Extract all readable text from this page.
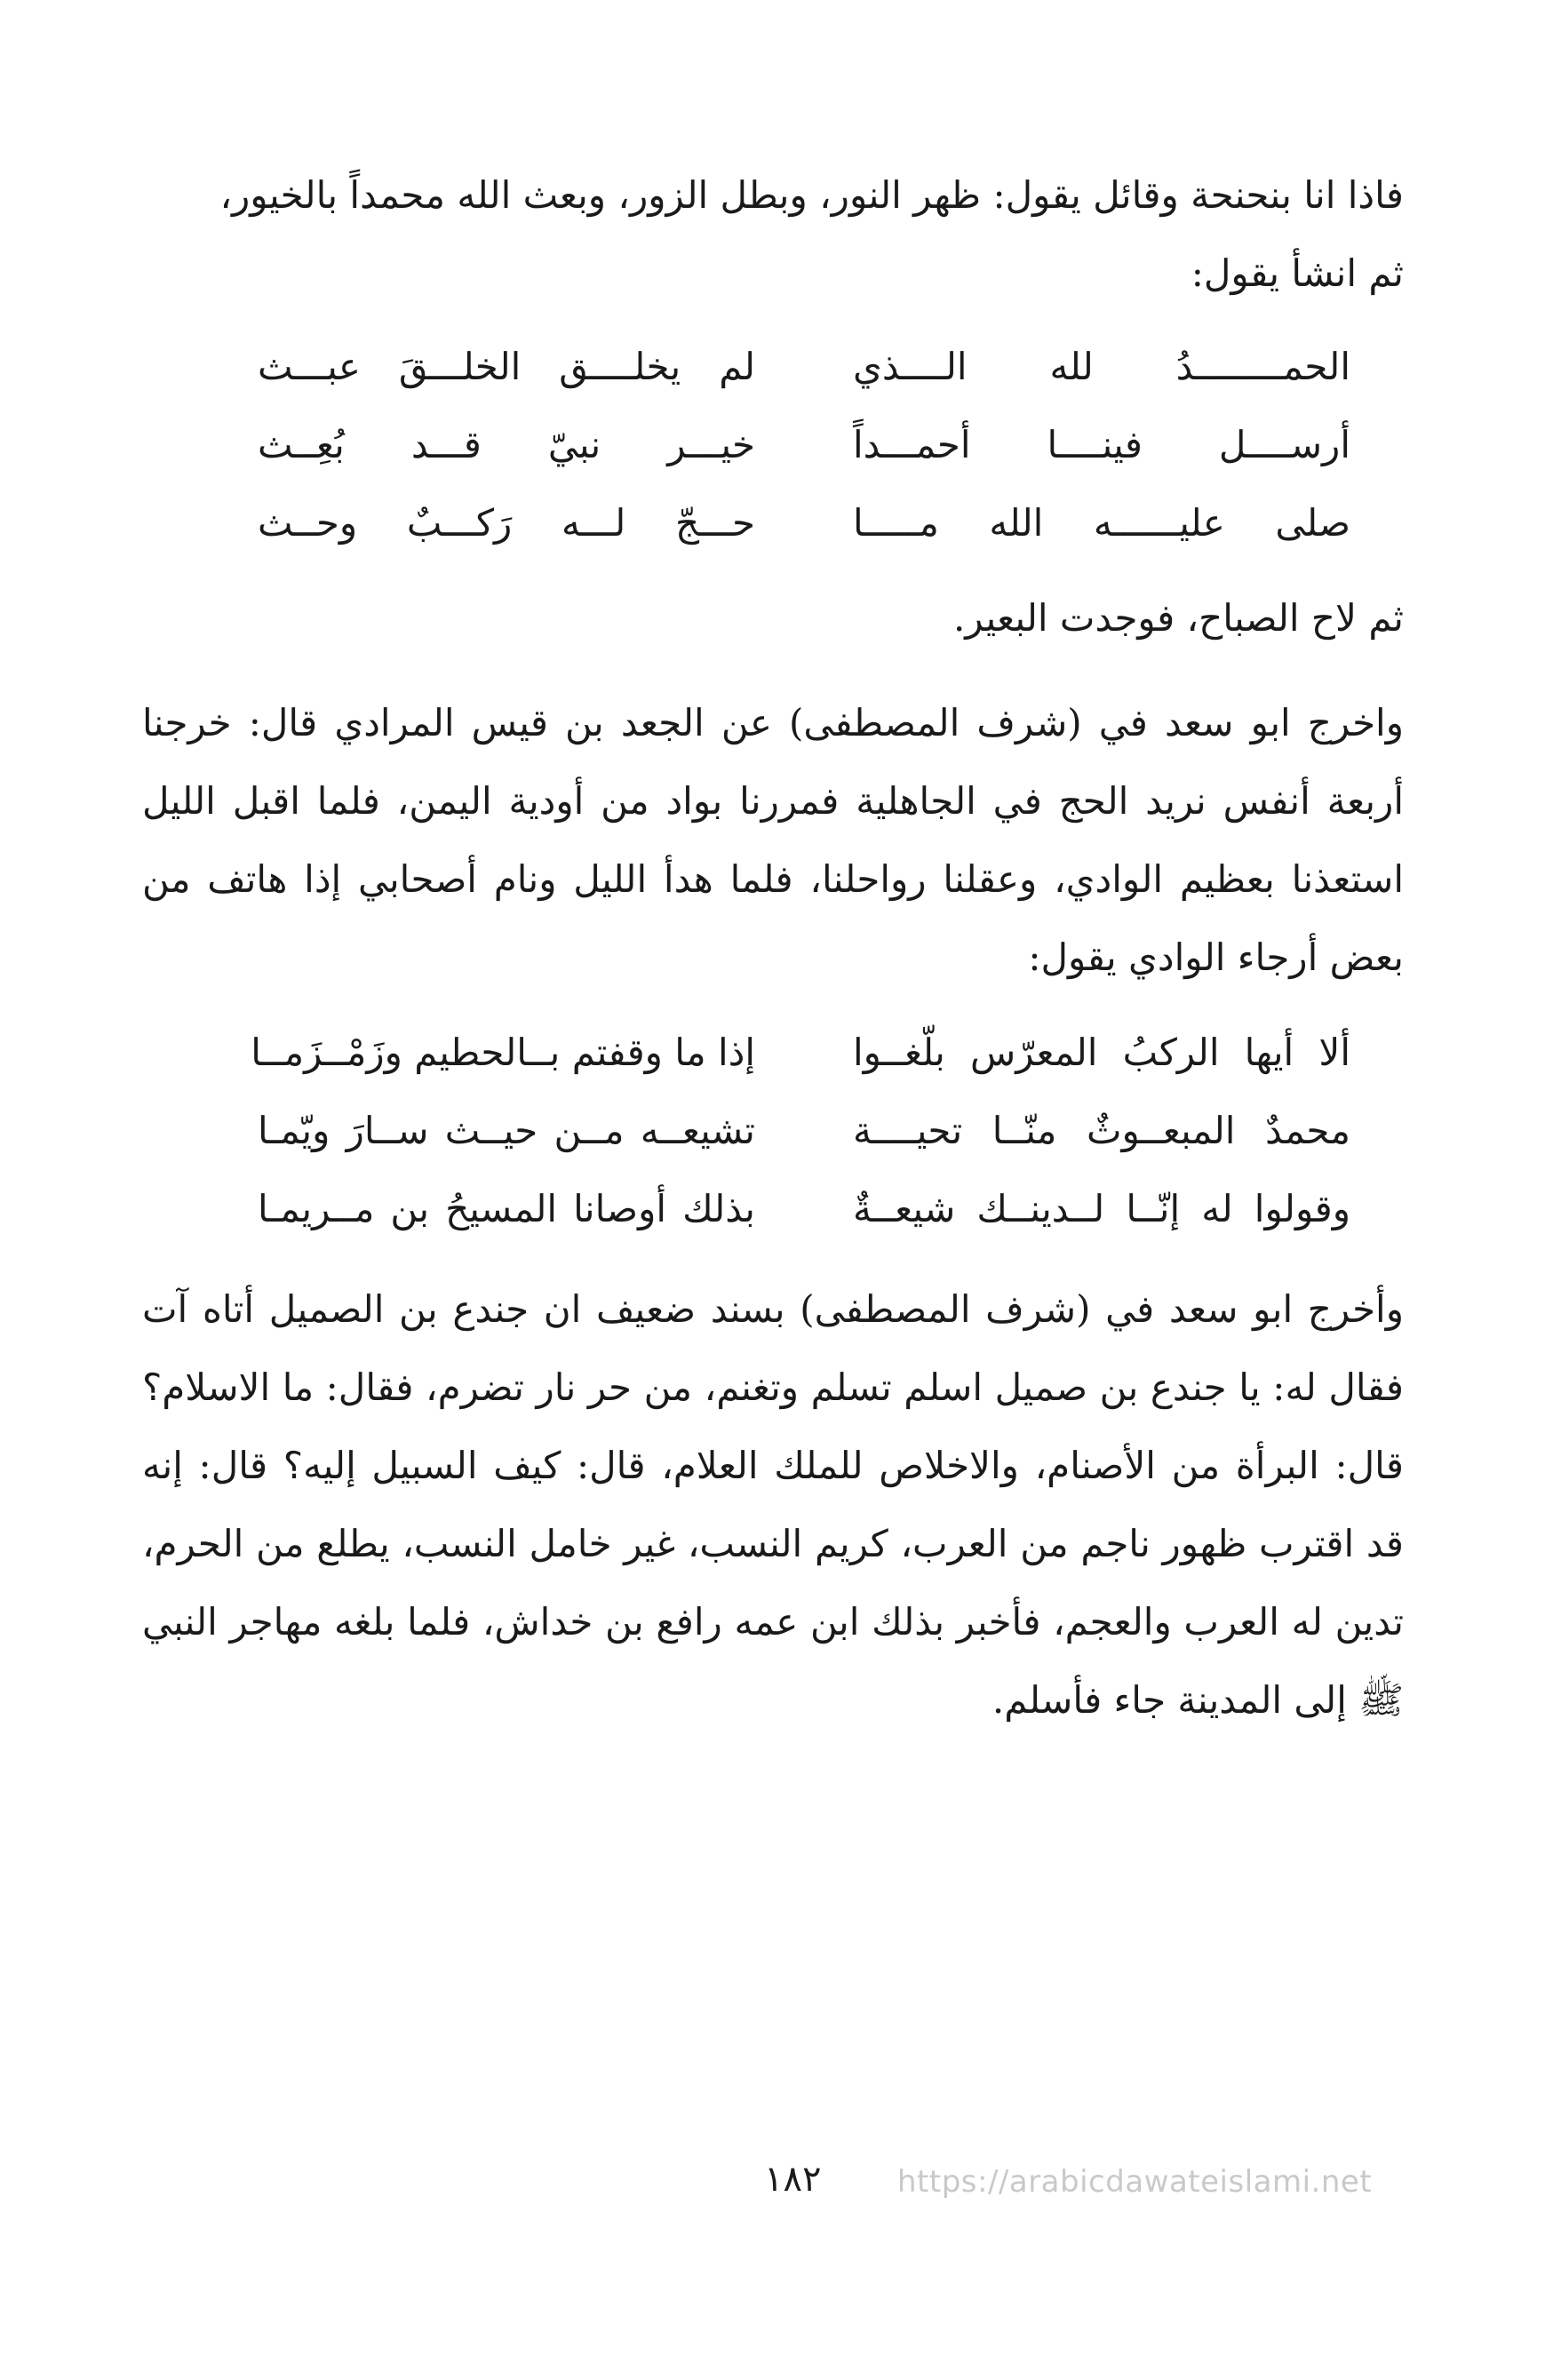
فاذا انا بنحنحة وقائل يقول: ظهر النور، وبطل الزور، وبعث الله محمداً بالخيور،

ثم انشأ يقول:

الحمــــــــدُ لله الــــذي
لم يخلــــق الخلـــقَ عبـــث
أرســــل فينــــا أحمـــداً
خيـــر نبيّ قـــد بُعِــث
صلى عليــــــه الله مـــــا
حـــجّ لـــه رَكـــبٌ وحــث

ثم لاح الصباح، فوجدت البعير.

واخرج ابو سعد في (شرف المصطفى) عن الجعد بن قيس المرادي قال: خرجنا أربعة أنفس نريد الحج في الجاهلية فمررنا بواد من أودية اليمن، فلما اقبل الليل استعذنا بعظيم الوادي، وعقلنا رواحلنا، فلما هدأ الليل ونام أصحابي إذا هاتف من بعض أرجاء الوادي يقول:

ألا أيها الركبُ المعرّس بلّغــوا
إذا ما وقفتم بــالحطيم وزَمْــزَمــا
محمدٌ المبعــوثٌ منّــا تحيــــة
تشيعــه مــن حيــث ســارَ ويّمـا
وقولوا له إنّــا لــدينــك شيعــةٌ
بذلك أوصانا المسيحُ بن مــريمـا

وأخرج ابو سعد في (شرف المصطفى) بسند ضعيف ان جندع بن الصميل أتاه آت فقال له: يا جندع بن صميل اسلم تسلم وتغنم، من حر نار تضرم، فقال: ما الاسلام؟ قال: البرأة من الأصنام، والاخلاص للملك العلام، قال: كيف السبيل إليه؟ قال: إنه قد اقترب ظهور ناجم من العرب، كريم النسب، غير خامل النسب، يطلع من الحرم، تدين له العرب والعجم، فأخبر بذلك ابن عمه رافع بن خداش، فلما بلغه مهاجر النبي ﷺ إلى المدينة جاء فأسلم.

١٨٢	https://arabicdawateislami.net
